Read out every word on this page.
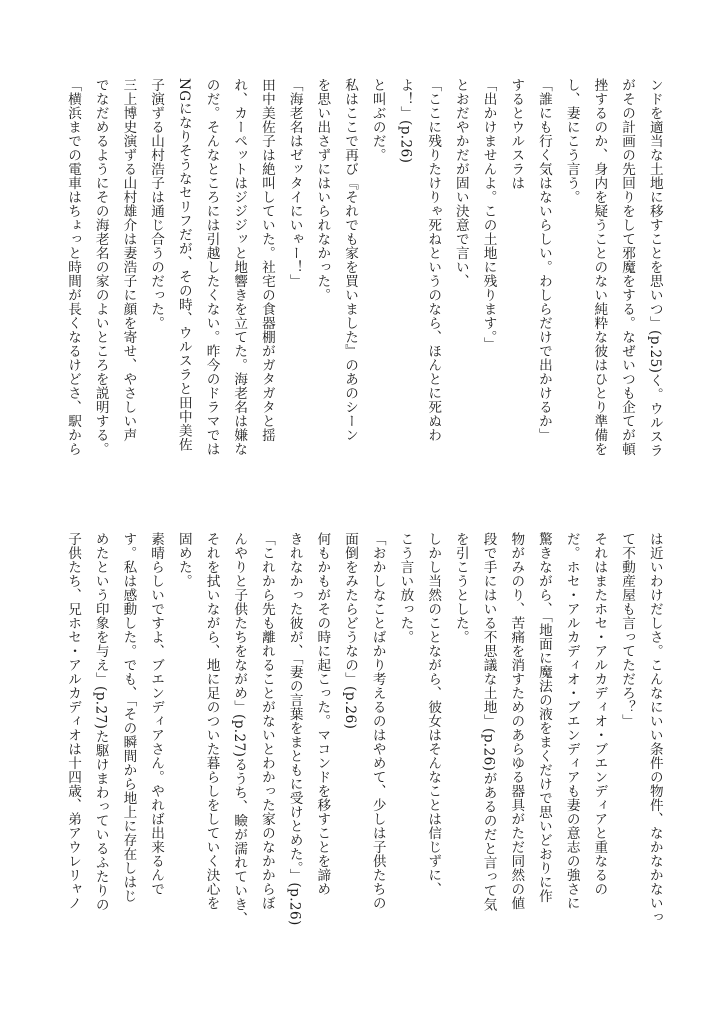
ンドを適当な土地に移すことを思いつ」(p.25)く。ウルスラ
がその計画の先回りをして邪魔をする。なぜいつも企てが頓
挫するのか、身内を疑うことのない純粋な彼はひとり準備を
し、妻にこう言う。
「誰にも行く気はないらしい。わしらだけで出かけるか」
するとウルスラは
「出かけませんよ。この土地に残ります。」
とおだやかだが固い決意で言い、
「ここに残りたけりゃ死ねというのなら、ほんとに死ぬわ
よ！」(p.26)
と叫ぶのだ。
私はここで再び『それでも家を買いました』のあのシーン
を思い出さずにはいられなかった。
「海老名はゼッタイにいゃー！」
田中美佐子は絶叫していた。社宅の食器棚がガタガタと揺
れ、カーペットはジジジッと地響きを立てた。海老名は嫌な
のだ。そんなところには引越したくない。昨今のドラマでは
NGになりそうなセリフだが、その時、ウルスラと田中美佐
子演ずる山村浩子は通じ合うのだった。
三上博史演ずる山村雄介は妻浩子に顔を寄せ、やさしい声
でなだめるようにその海老名の家のよいところを説明する。
「横浜までの電車はちょっと時間が長くなるけどさ、駅から
は近いわけだしさ。こんなにいい条件の物件、なかなかないっ
て不動産屋も言ってただろ？」
それはまたホセ・アルカディオ・ブエンディアと重なるの
だ。ホセ・アルカディオ・ブエンディアも妻の意志の強さに
驚きながら、「地面に魔法の液をまくだけで思いどおりに作
物がみのり、苦痛を消すためのあらゆる器具がただ同然の値
段で手にはいる不思議な土地」(p.26)があるのだと言って気
を引こうとした。
しかし当然のことながら、彼女はそんなことは信じずに、
こう言い放った。
「おかしなことばかり考えるのはやめて、少しは子供たちの
面倒をみたらどうなの」(p.26)
何もかもがその時に起こった。マコンドを移すことを諦め
きれなかった彼が、「妻の言葉をまともに受けとめた。」(p.26)
「これから先も離れることがないとわかった家のなかからぼ
んやりと子供たちをながめ」(p.27)るうち、瞼が濡れていき、
それを拭いながら、地に足のついた暮らしをしていく決心を
固めた。
素晴らしいですよ、ブエンディアさん。やれば出来るんで
す。私は感動した。でも、「その瞬間から地上に存在しはじ
めたという印象を与え」(p.27)た駆けまわっているふたりの
子供たち、兄ホセ・アルカディオは十四歳、弟アウレリャノ
